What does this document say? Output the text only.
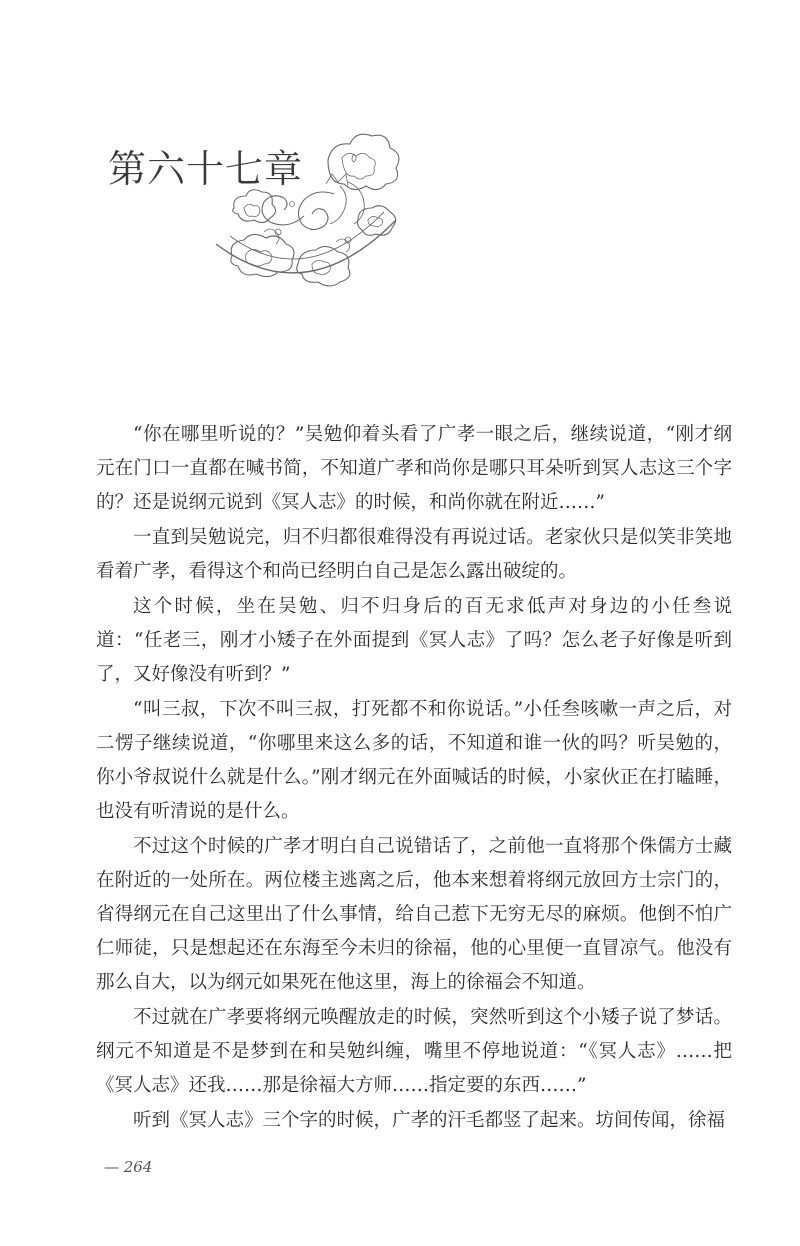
第六十七章

“你在哪里听说的？”吴勉仰着头看了广孝一眼之后，继续说道，“刚才纲元在门口一直都在喊书简，不知道广孝和尚你是哪只耳朵听到冥人志这三个字的？还是说纲元说到《冥人志》的时候，和尚你就在附近……”

一直到吴勉说完，归不归都很难得没有再说过话。老家伙只是似笑非笑地看着广孝，看得这个和尚已经明白自己是怎么露出破绽的。

这个时候，坐在吴勉、归不归身后的百无求低声对身边的小任叁说道：“任老三，刚才小矮子在外面提到《冥人志》了吗？怎么老子好像是听到了，又好像没有听到？”

“叫三叔，下次不叫三叔，打死都不和你说话。”小任叁咳嗽一声之后，对二愣子继续说道，“你哪里来这么多的话，不知道和谁一伙的吗？听吴勉的，你小爷叔说什么就是什么。”刚才纲元在外面喊话的时候，小家伙正在打瞌睡，也没有听清说的是什么。

不过这个时候的广孝才明白自己说错话了，之前他一直将那个侏儒方士藏在附近的一处所在。两位楼主逃离之后，他本来想着将纲元放回方士宗门的，省得纲元在自己这里出了什么事情，给自己惹下无穷无尽的麻烦。他倒不怕广仁师徒，只是想起还在东海至今未归的徐福，他的心里便一直冒凉气。他没有那么自大，以为纲元如果死在他这里，海上的徐福会不知道。

不过就在广孝要将纲元唤醒放走的时候，突然听到这个小矮子说了梦话。纲元不知道是不是梦到在和吴勉纠缠，嘴里不停地说道：“《冥人志》……把《冥人志》还我……那是徐福大方师……指定要的东西……”

听到《冥人志》三个字的时候，广孝的汗毛都竖了起来。坊间传闻，徐福

— 264
